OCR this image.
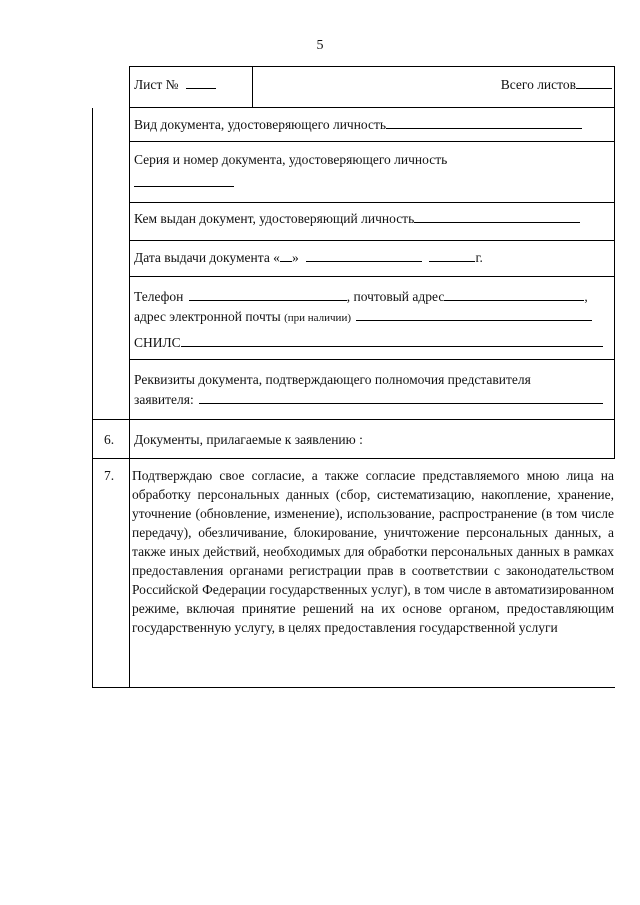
5
Лист №	Всего листов
Вид документа, удостоверяющего личность
Серия и номер документа, удостоверяющего личность
Кем выдан документ, удостоверяющий личность
Дата выдачи документа « »	г.
Телефон	, почтовый адрес	,
адрес электронной почты (при наличии)
СНИЛС
Реквизиты документа, подтверждающего полномочия представителя
заявителя:
6. Документы, прилагаемые к заявлению :
7. Подтверждаю свое согласие, а также согласие представляемого мною лица на обработку персональных данных (сбор, систематизацию, накопление, хранение, уточнение (обновление, изменение), использование, распространение (в том числе передачу), обезличивание, блокирование, уничтожение персональных данных, а также иных действий, необходимых для обработки персональных данных в рамках предоставления органами регистрации прав в соответствии с законодательством Российской Федерации государственных услуг), в том числе в автоматизированном режиме, включая принятие решений на их основе органом, предоставляющим государственную услугу, в целях предоставления государственной услуги
